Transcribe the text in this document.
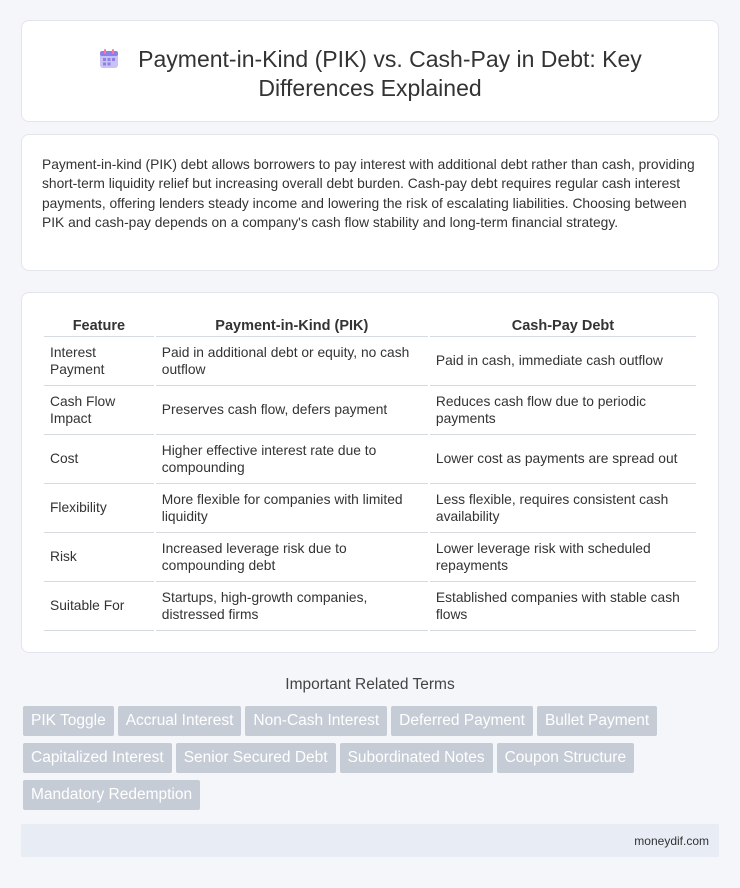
Payment-in-Kind (PIK) vs. Cash-Pay in Debt: Key
Differences Explained

Payment-in-kind (PIK) debt allows borrowers to pay interest with additional debt rather than cash, providing short-term liquidity relief but increasing overall debt burden. Cash-pay debt requires regular cash interest payments, offering lenders steady income and lowering the risk of escalating liabilities. Choosing between PIK and cash-pay depends on a company's cash flow stability and long-term financial strategy.

Feature	Payment-in-Kind (PIK)	Cash-Pay Debt
Interest Payment	Paid in additional debt or equity, no cash outflow	Paid in cash, immediate cash outflow
Cash Flow Impact	Preserves cash flow, defers payment	Reduces cash flow due to periodic payments
Cost	Higher effective interest rate due to compounding	Lower cost as payments are spread out
Flexibility	More flexible for companies with limited liquidity	Less flexible, requires consistent cash availability
Risk	Increased leverage risk due to compounding debt	Lower leverage risk with scheduled repayments
Suitable For	Startups, high-growth companies, distressed firms	Established companies with stable cash flows
Important Related Terms
PIK Toggle Accrual Interest Non-Cash Interest Deferred Payment Bullet PaymentCapitalized Interest Senior Secured Debt Subordinated Notes Coupon StructureMandatory Redemption
moneydif.com
